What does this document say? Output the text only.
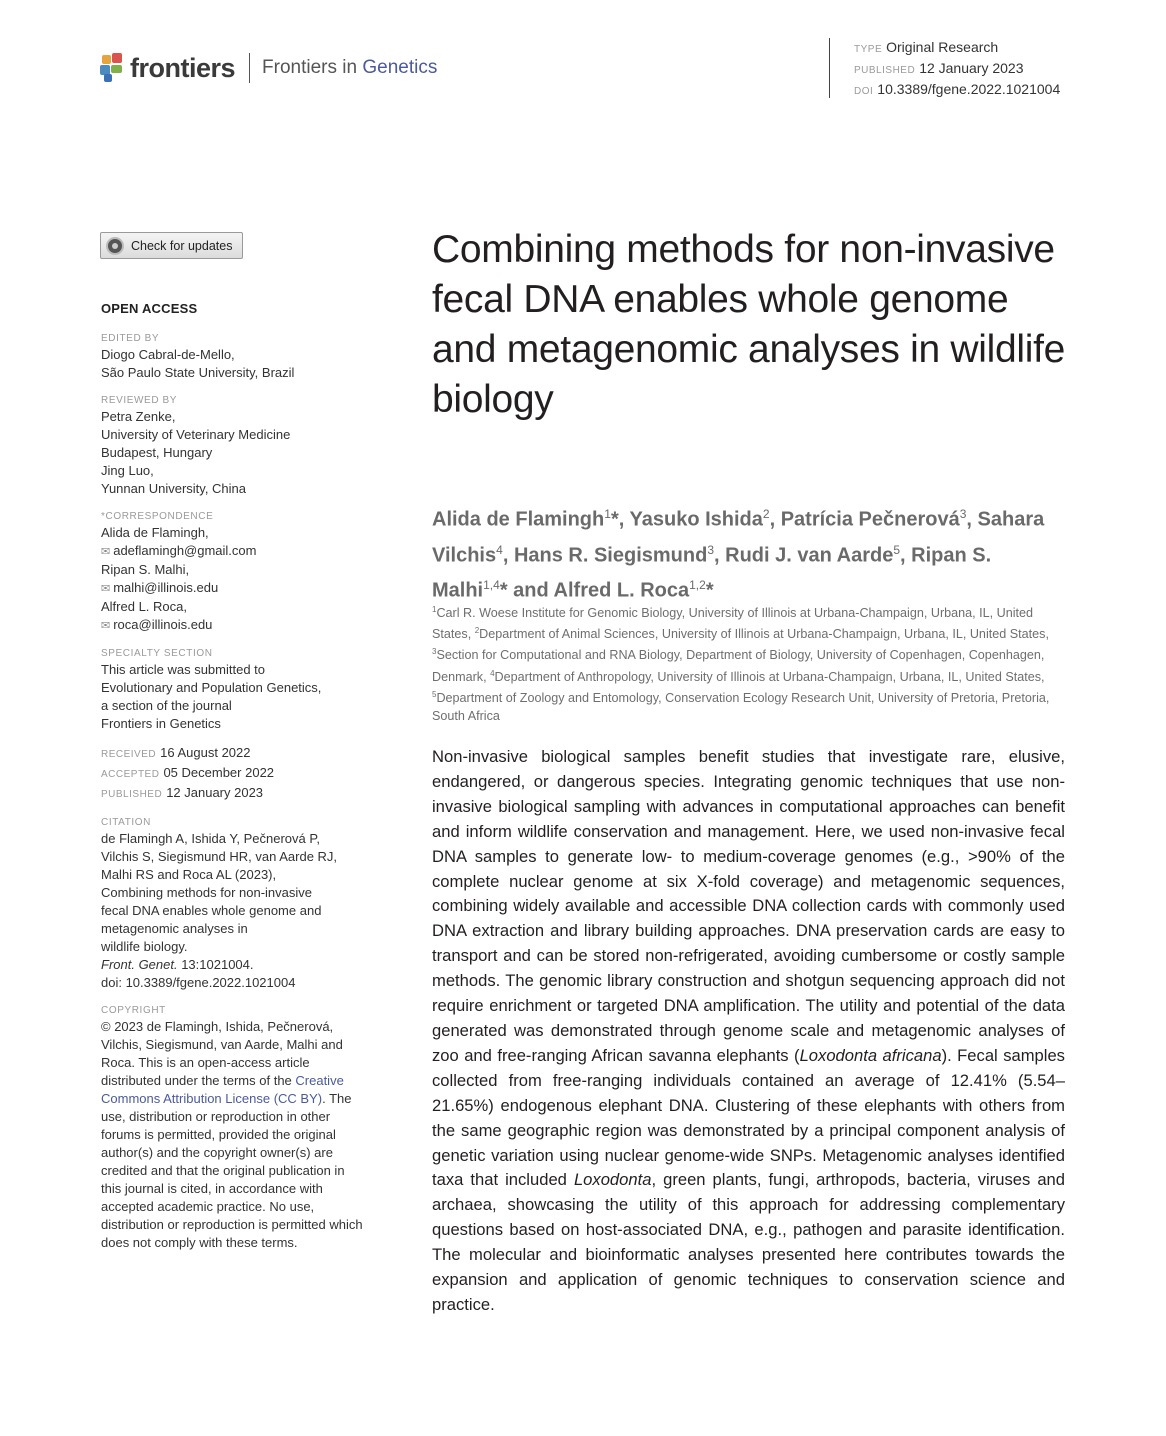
frontiers Frontiers in Genetics
TYPE Original Research
PUBLISHED 12 January 2023
DOI 10.3389/fgene.2022.1021004
Check for updates
OPEN ACCESS
EDITED BY
Diogo Cabral-de-Mello,
São Paulo State University, Brazil
REVIEWED BY
Petra Zenke,
University of Veterinary Medicine
Budapest, Hungary
Jing Luo,
Yunnan University, China
*CORRESPONDENCE
Alida de Flamingh,
✉ adeflamingh@gmail.com
Ripan S. Malhi,
✉ malhi@illinois.edu
Alfred L. Roca,
✉ roca@illinois.edu
SPECIALTY SECTION
This article was submitted to
Evolutionary and Population Genetics,
a section of the journal
Frontiers in Genetics
RECEIVED 16 August 2022
ACCEPTED 05 December 2022
PUBLISHED 12 January 2023
CITATION
de Flamingh A, Ishida Y, Pečnerová P,
Vilchis S, Siegismund HR, van Aarde RJ,
Malhi RS and Roca AL (2023),
Combining methods for non-invasive
fecal DNA enables whole genome and
metagenomic analyses in
wildlife biology.
Front. Genet. 13:1021004.
doi: 10.3389/fgene.2022.1021004
COPYRIGHT
© 2023 de Flamingh, Ishida, Pečnerová, Vilchis, Siegismund, van Aarde, Malhi and Roca. This is an open-access article distributed under the terms of the Creative Commons Attribution License (CC BY). The use, distribution or reproduction in other forums is permitted, provided the original author(s) and the copyright owner(s) are credited and that the original publication in this journal is cited, in accordance with accepted academic practice. No use, distribution or reproduction is permitted which does not comply with these terms.
Combining methods for non-invasive fecal DNA enables whole genome and metagenomic analyses in wildlife biology
Alida de Flamingh$^1$*, Yasuko Ishida$^2$, Patrícia Pečnerová$^3$, Sahara Vilchis$^4$, Hans R. Siegismund$^3$, Rudi J. van Aarde$^5$, Ripan S. Malhi$^{1,4}$* and Alfred L. Roca$^{1,2}$*
$^1$Carl R. Woese Institute for Genomic Biology, University of Illinois at Urbana-Champaign, Urbana, IL, United States, $^2$Department of Animal Sciences, University of Illinois at Urbana-Champaign, Urbana, IL, United States, $^3$Section for Computational and RNA Biology, Department of Biology, University of Copenhagen, Copenhagen, Denmark, $^4$Department of Anthropology, University of Illinois at Urbana-Champaign, Urbana, IL, United States, $^5$Department of Zoology and Entomology, Conservation Ecology Research Unit, University of Pretoria, Pretoria, South Africa
Non-invasive biological samples benefit studies that investigate rare, elusive, endangered, or dangerous species. Integrating genomic techniques that use non-invasive biological sampling with advances in computational approaches can benefit and inform wildlife conservation and management. Here, we used non-invasive fecal DNA samples to generate low- to medium-coverage genomes (e.g., >90% of the complete nuclear genome at six X-fold coverage) and metagenomic sequences, combining widely available and accessible DNA collection cards with commonly used DNA extraction and library building approaches. DNA preservation cards are easy to transport and can be stored non-refrigerated, avoiding cumbersome or costly sample methods. The genomic library construction and shotgun sequencing approach did not require enrichment or targeted DNA amplification. The utility and potential of the data generated was demonstrated through genome scale and metagenomic analyses of zoo and free-ranging African savanna elephants (Loxodonta africana). Fecal samples collected from free-ranging individuals contained an average of 12.41% (5.54–21.65%) endogenous elephant DNA. Clustering of these elephants with others from the same geographic region was demonstrated by a principal component analysis of genetic variation using nuclear genome-wide SNPs. Metagenomic analyses identified taxa that included Loxodonta, green plants, fungi, arthropods, bacteria, viruses and archaea, showcasing the utility of this approach for addressing complementary questions based on host-associated DNA, e.g., pathogen and parasite identification. The molecular and bioinformatic analyses presented here contributes towards the expansion and application of genomic techniques to conservation science and practice.
